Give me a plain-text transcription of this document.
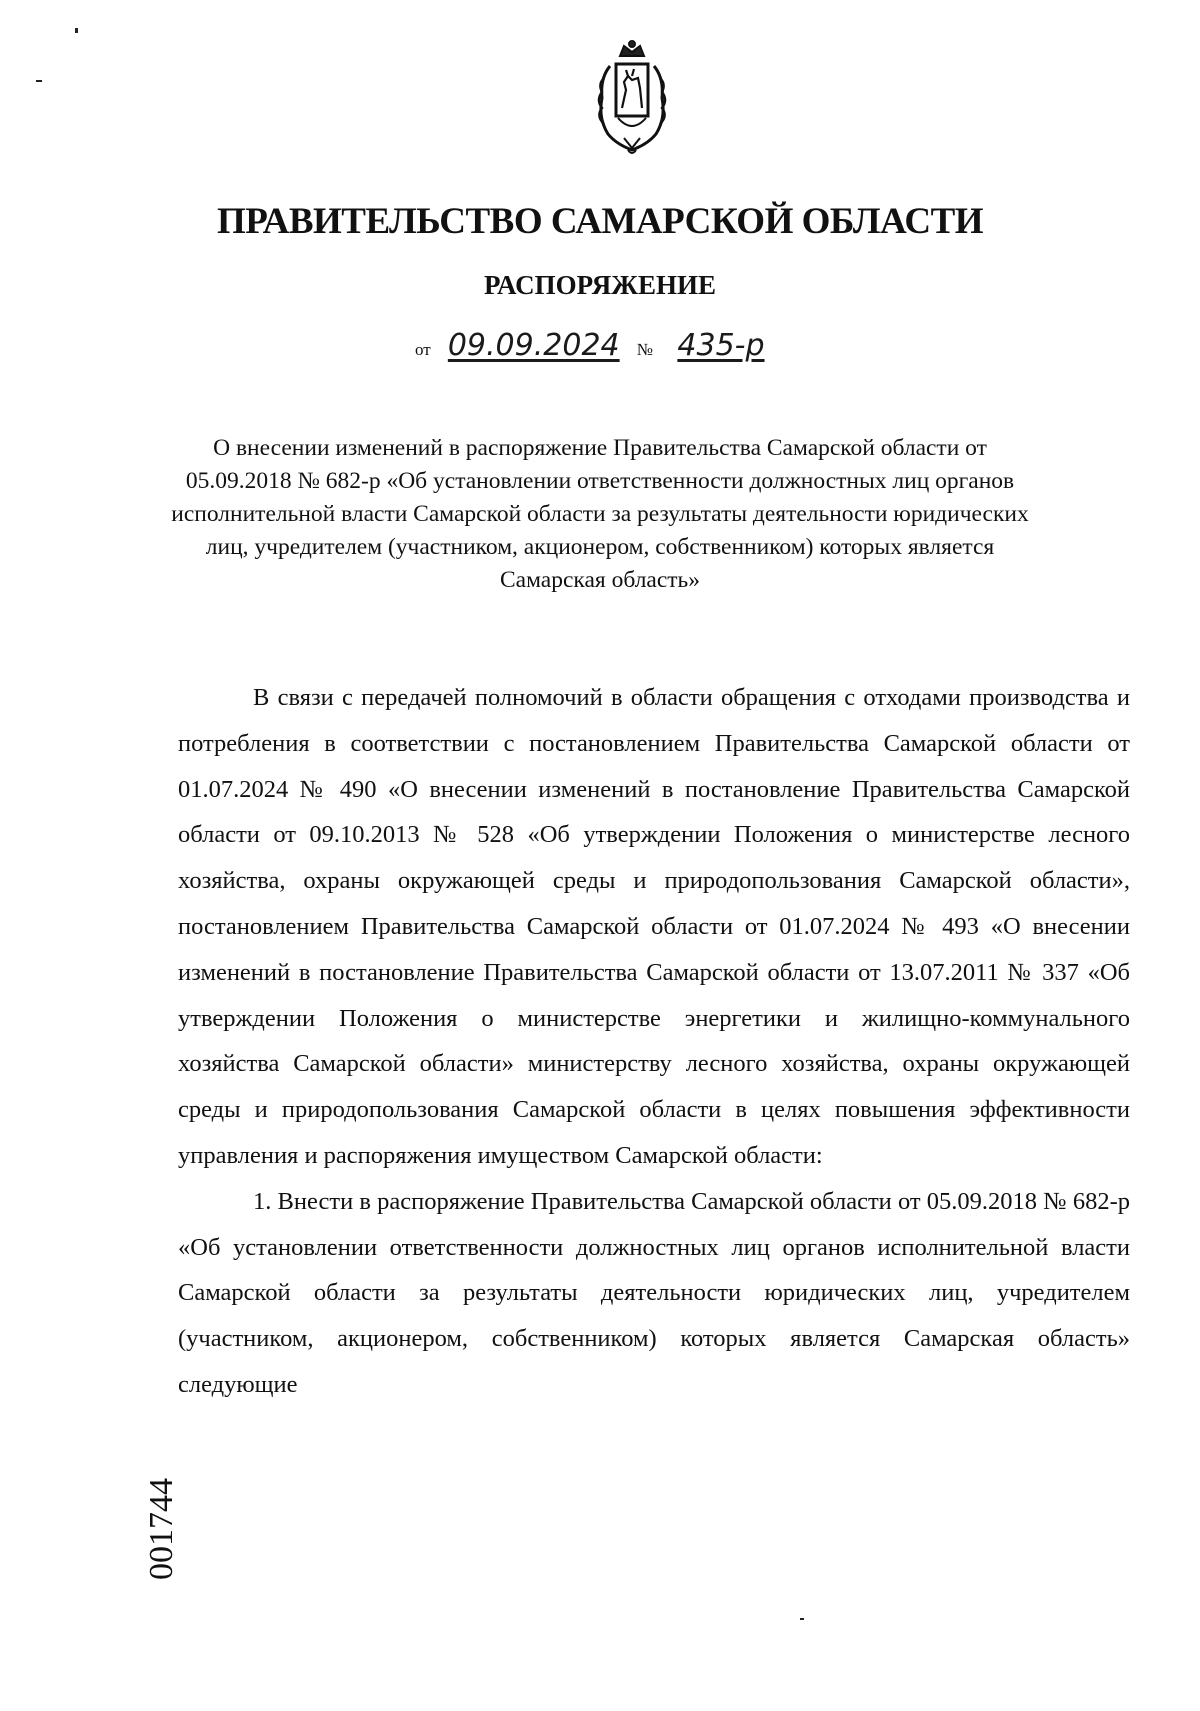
ПРАВИТЕЛЬСТВО САМАРСКОЙ ОБЛАСТИ
РАСПОРЯЖЕНИЕ
от 09.09.2024 № 435-р

О внесении изменений в распоряжение Правительства Самарской области от 05.09.2018 № 682-р «Об установлении ответственности должностных лиц органов исполнительной власти Самарской области за результаты деятельности юридических лиц, учредителем (участником, акционером, собственником) которых является Самарская область»

В связи с передачей полномочий в области обращения с отходами производства и потребления в соответствии с постановлением Правительства Самарской области от 01.07.2024 № 490 «О внесении изменений в постановление Правительства Самарской области от 09.10.2013 № 528 «Об утверждении Положения о министерстве лесного хозяйства, охраны окружающей среды и природопользования Самарской области», постановлением Правительства Самарской области от 01.07.2024 № 493 «О внесении изменений в постановление Правительства Самарской области от 13.07.2011 № 337 «Об утверждении Положения о министерстве энергетики и жилищно-коммунального хозяйства Самарской области» министерству лесного хозяйства, охраны окружающей среды и природопользования Самарской области в целях повышения эффективности управления и распоряжения имуществом Самарской области:

1. Внести в распоряжение Правительства Самарской области от 05.09.2018 № 682-р «Об установлении ответственности должностных лиц органов исполнительной власти Самарской области за результаты деятельности юридических лиц, учредителем (участником, акционером, собственником) которых является Самарская область» следующие

001744
